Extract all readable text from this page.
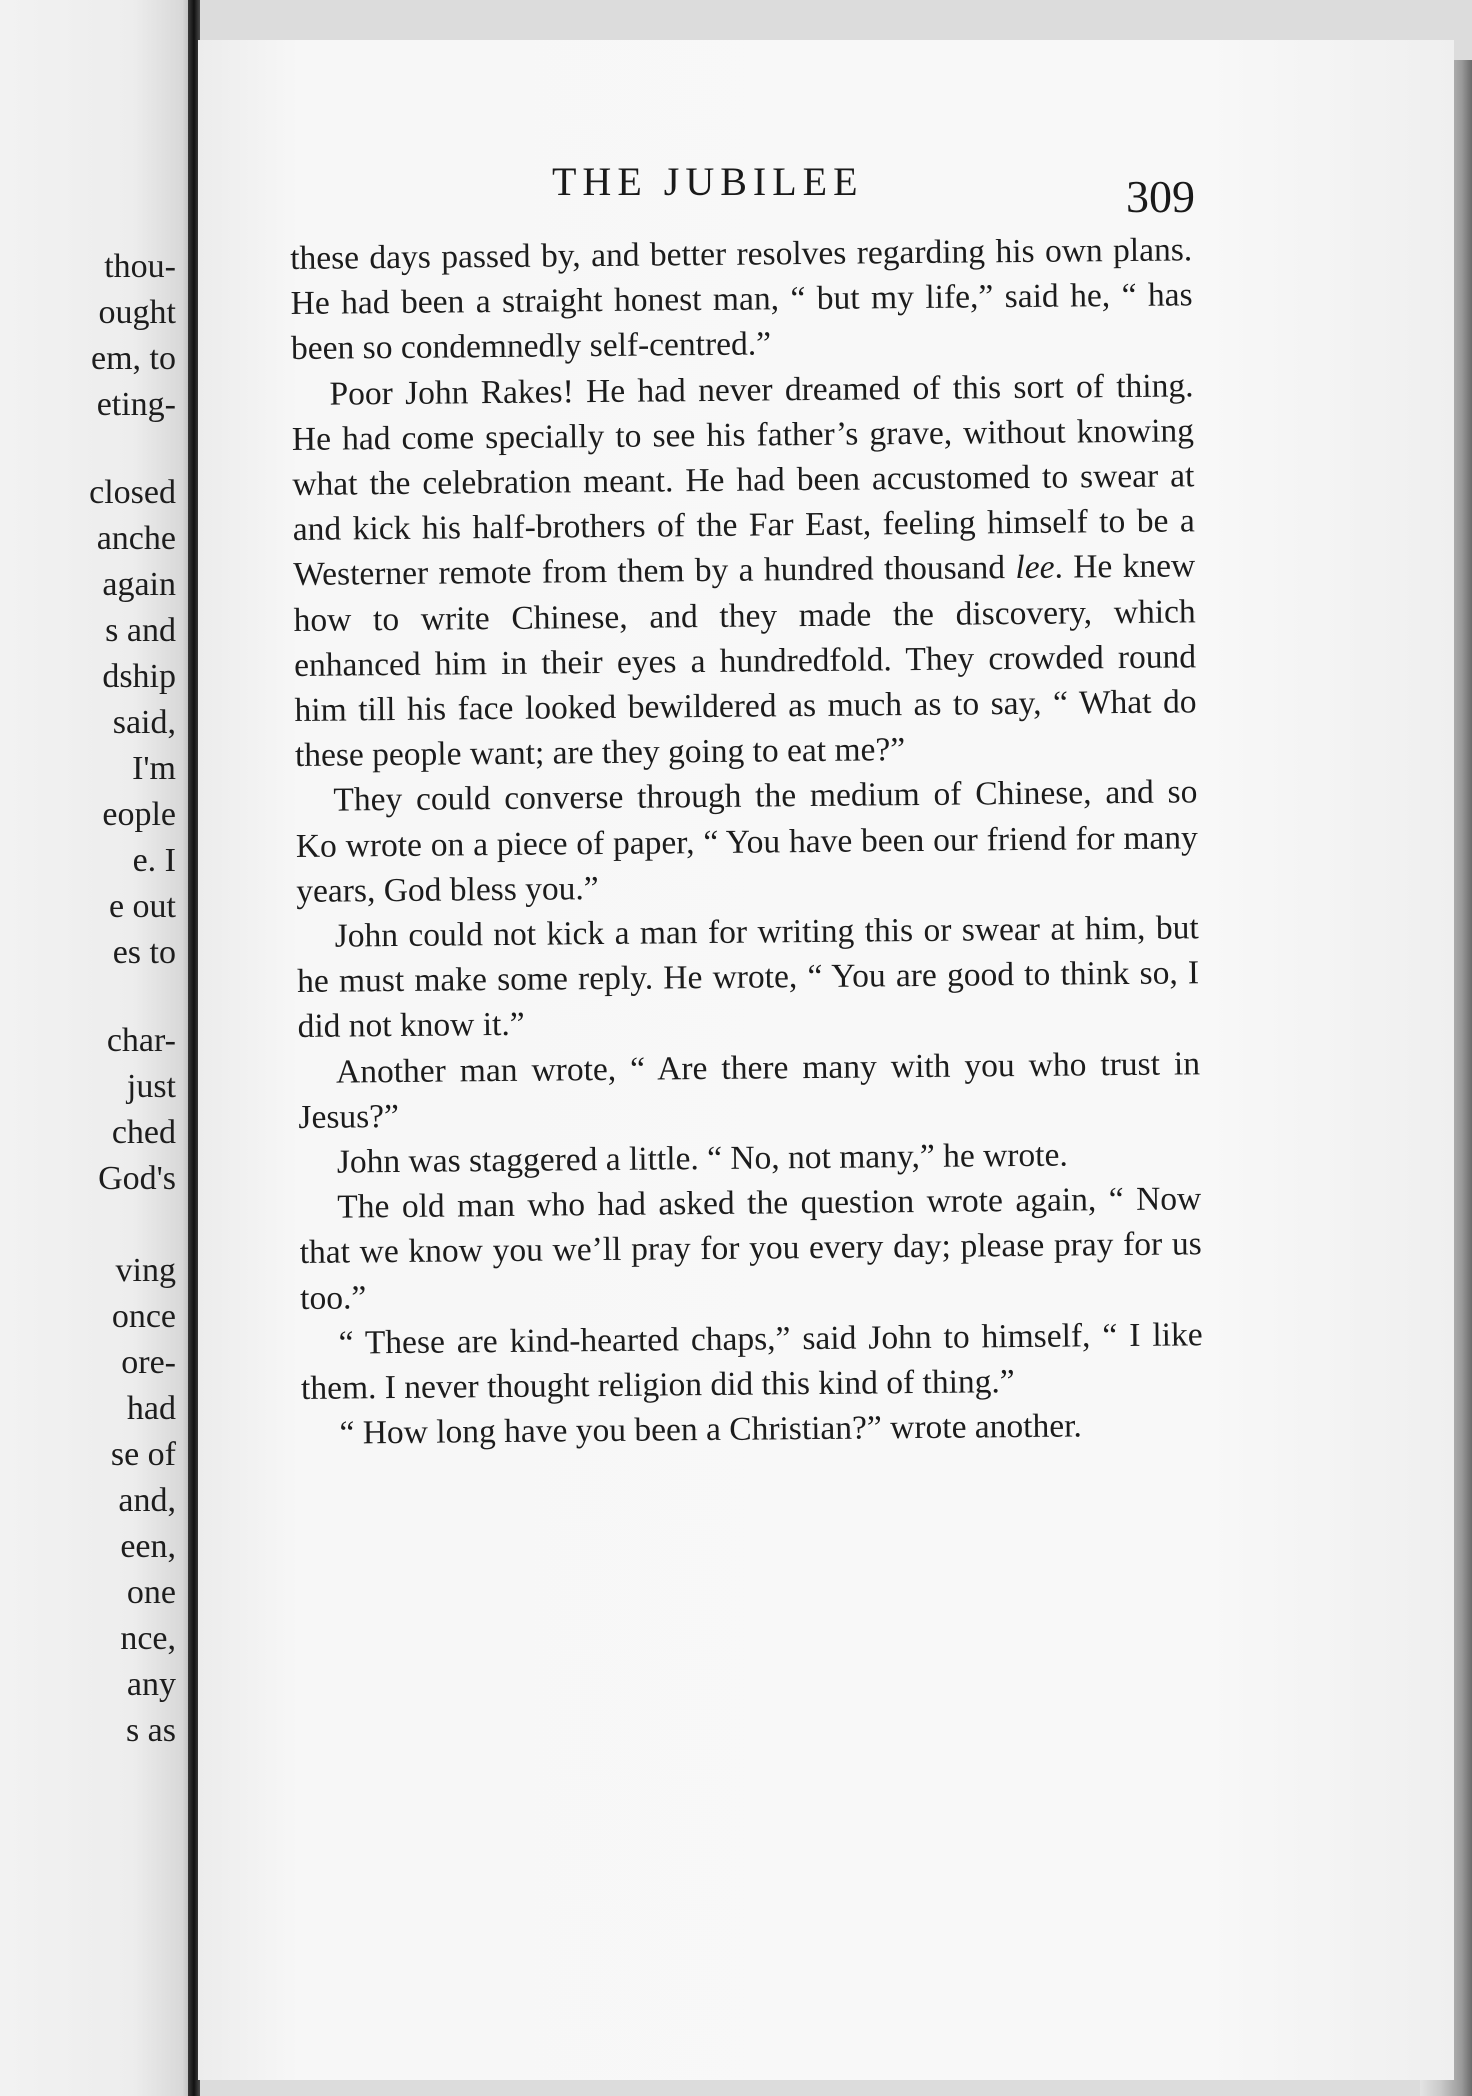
thou-
ought
em, to
eting-
closed
anche
again
s and
dship
said,
I'm
eople
e. I
e out
es to
char-
just
ched
God's
ving
once
ore-
had
se of
and,
een,
one
nce,
any
s as
THE JUBILEE	309

these days passed by, and better resolves regarding his own plans. He had been a straight honest man, “ but my life,” said he, “ has been so condemnedly self-centred.”

Poor John Rakes! He had never dreamed of this sort of thing. He had come specially to see his father’s grave, without knowing what the celebration meant. He had been accustomed to swear at and kick his half-brothers of the Far East, feeling himself to be a Westerner remote from them by a hundred thousand lee. He knew how to write Chinese, and they made the discovery, which enhanced him in their eyes a hundredfold. They crowded round him till his face looked bewildered as much as to say, “ What do these people want; are they going to eat me?”

They could converse through the medium of Chinese, and so Ko wrote on a piece of paper, “ You have been our friend for many years, God bless you.”

John could not kick a man for writing this or swear at him, but he must make some reply. He wrote, “ You are good to think so, I did not know it.”

Another man wrote, “ Are there many with you who trust in Jesus?”

John was staggered a little. “ No, not many,” he wrote.

The old man who had asked the question wrote again, “ Now that we know you we’ll pray for you every day; please pray for us too.”

“ These are kind-hearted chaps,” said John to himself, “ I like them. I never thought religion did this kind of thing.”

“ How long have you been a Christian?” wrote another.
